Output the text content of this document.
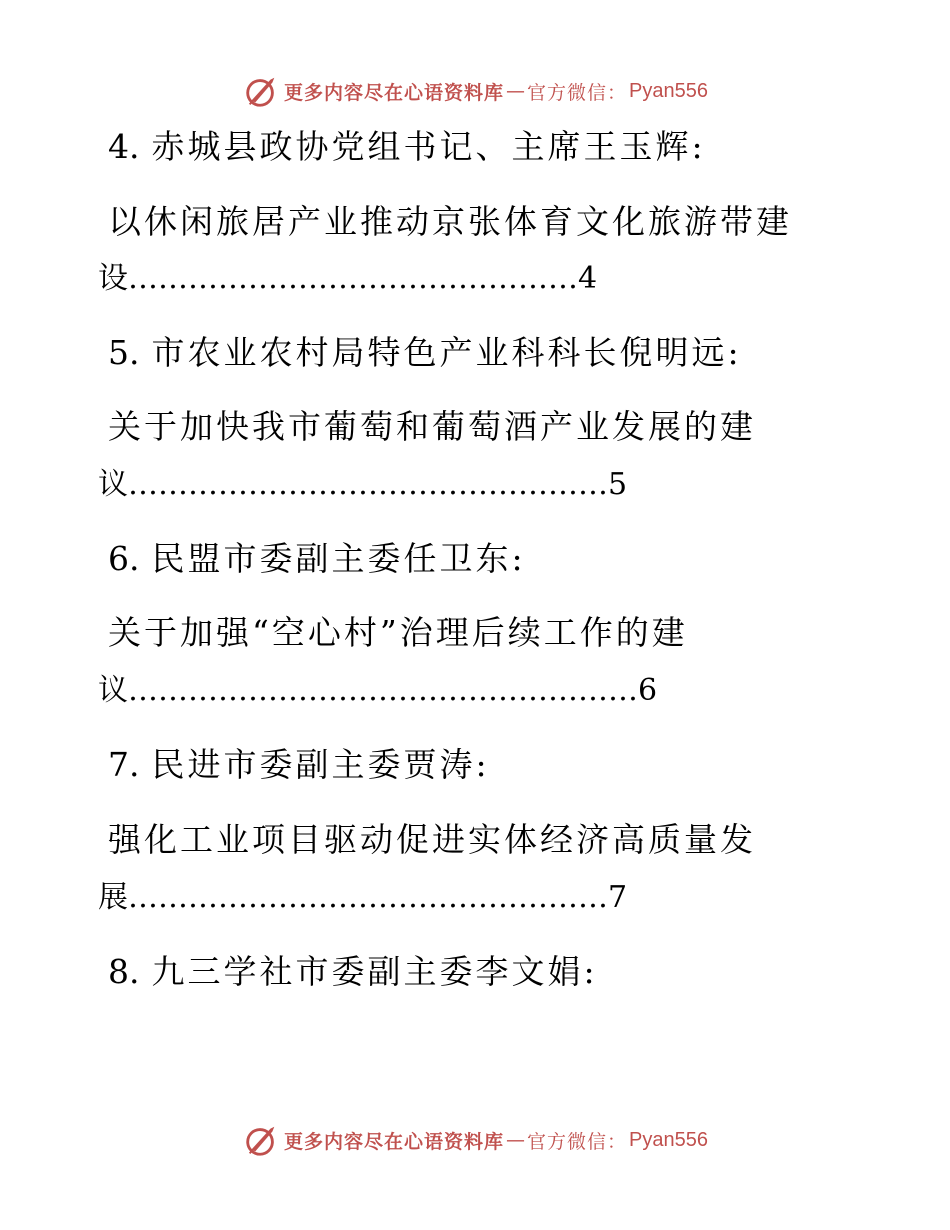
更多内容尽在心语资料库 — 官方微信： Pyan556
4. 赤城县政协党组书记、主席王玉辉:
以休闲旅居产业推动京张体育文化旅游带建
设………………………………………4
5. 市农业农村局特色产业科科长倪明远:
关于加快我市葡萄和葡萄酒产业发展的建
议…………………………………………5
6. 民盟市委副主委任卫东:
关于加强“空心村”治理后续工作的建
议……………………………………………6
7. 民进市委副主委贾涛:
强化工业项目驱动促进实体经济高质量发
展…………………………………………7
8. 九三学社市委副主委李文娟:
更多内容尽在心语资料库 — 官方微信： Pyan556
